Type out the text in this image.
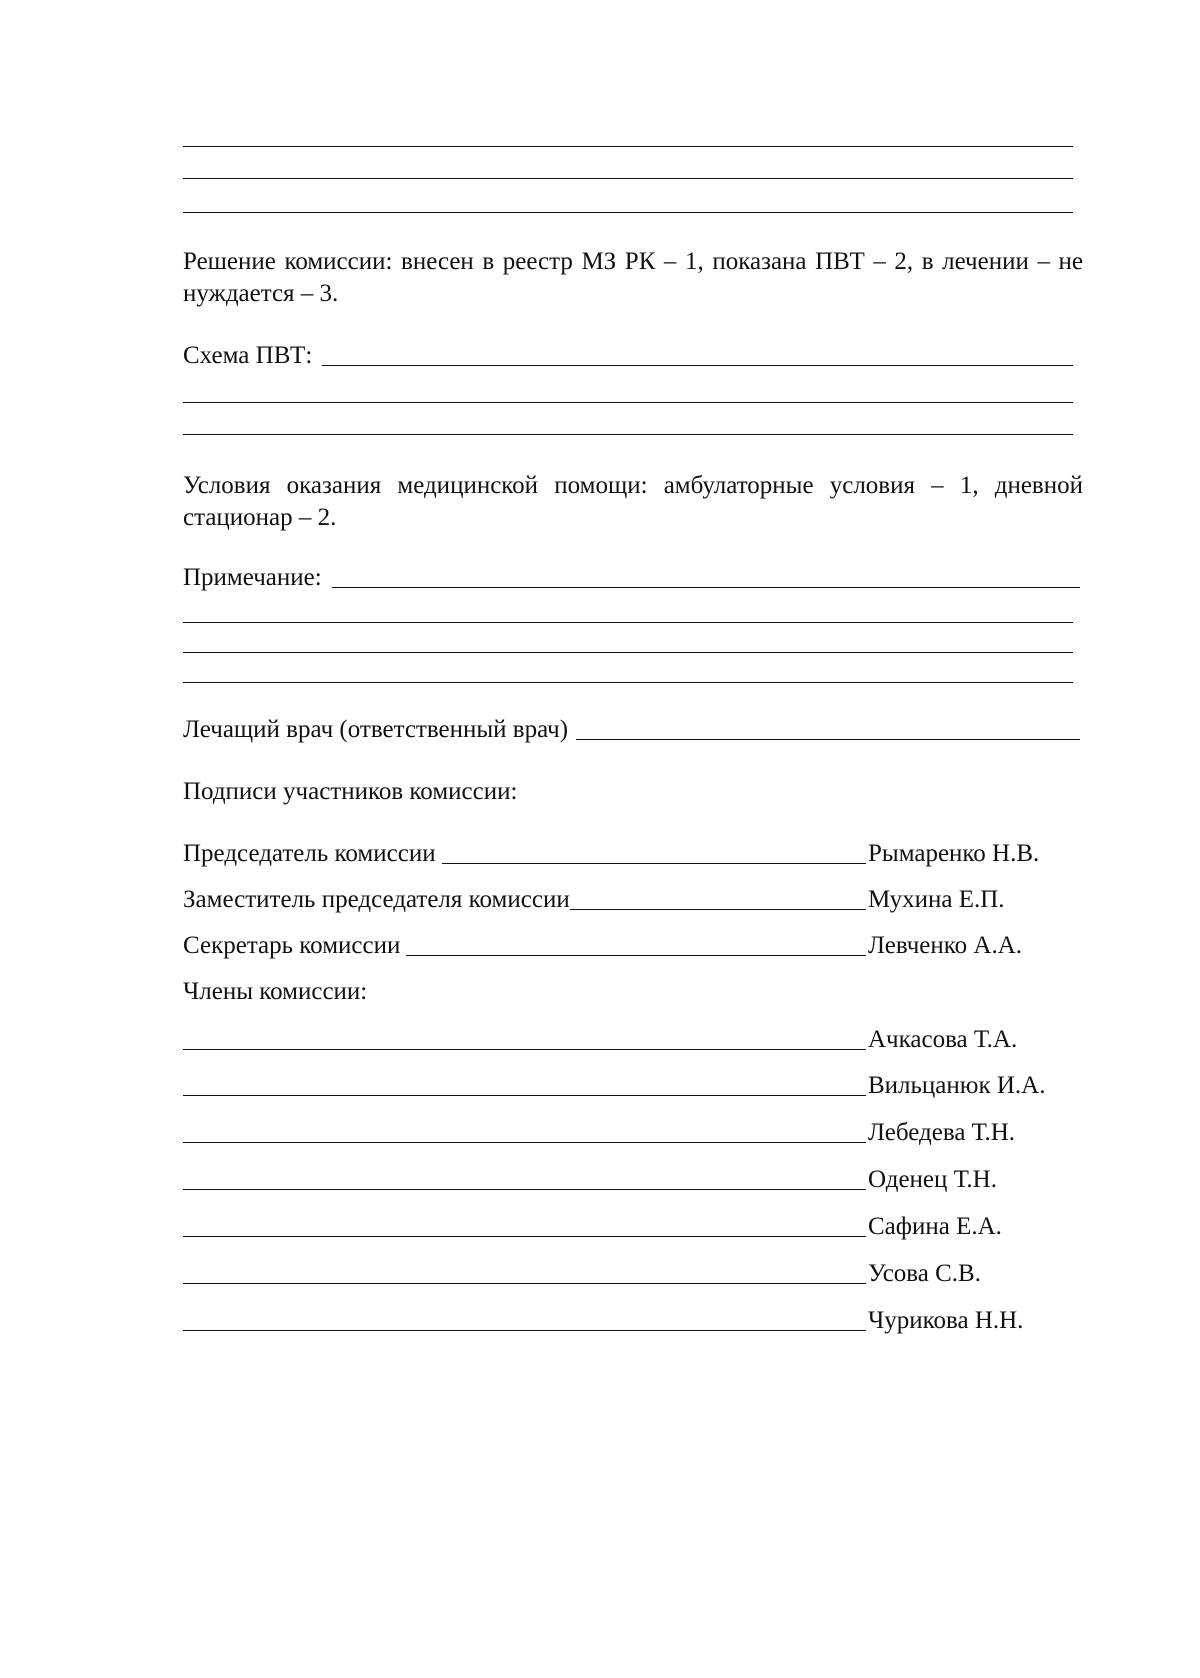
Решение комиссии: внесен в реестр МЗ РК – 1, показана ПВТ – 2, в лечении – не нуждается – 3.
Схема ПВТ:
Условия оказания медицинской помощи: амбулаторные условия – 1, дневной стационар – 2.
Примечание:
Лечащий врач (ответственный врач)
Подписи участников комиссии:
Председатель комиссии	Рымаренко Н.В.
Заместитель председателя комиссии	Мухина Е.П.
Секретарь комиссии	Левченко А.А.
Члены комиссии:
Ачкасова Т.А.
Вильцанюк И.А.
Лебедева Т.Н.
Оденец Т.Н.
Сафина Е.А.
Усова С.В.
Чурикова Н.Н.
